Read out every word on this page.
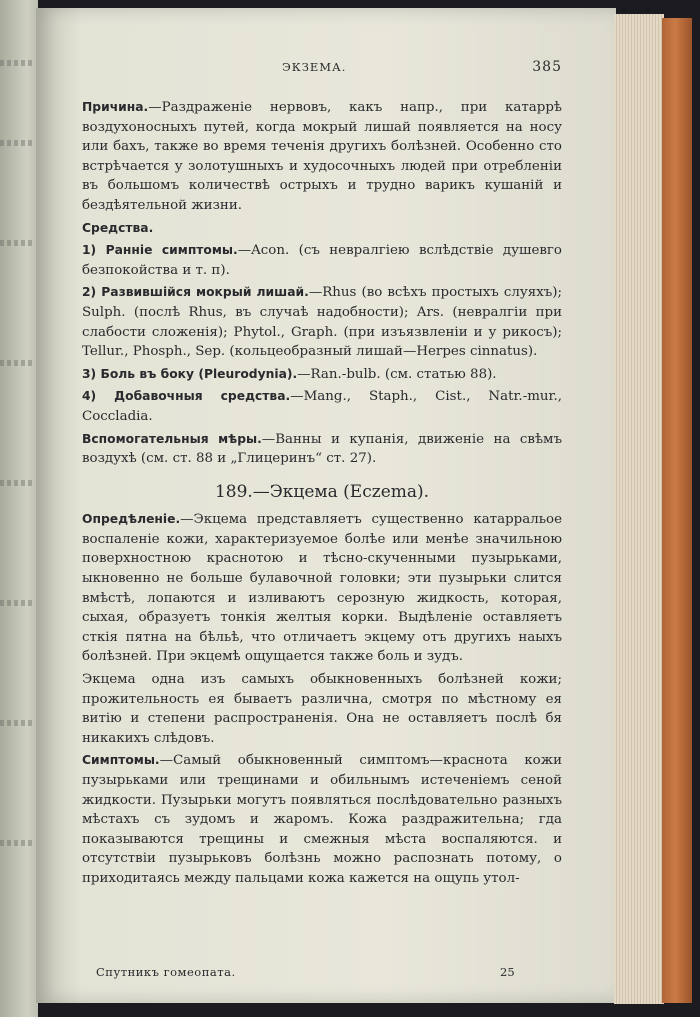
ЭКЗЕМА.	385

Причина.—Раздраженіе нервовъ, какъ напр., при катаррѣ воздухоносныхъ путей, когда мокрый лишай появляется на носу или бахъ, также во время теченія другихъ болѣзней. Особенно сто встрѣчается у золотушныхъ и худосочныхъ людей при отребленіи въ большомъ количествѣ острыхъ и трудно варикъ кушаній и бездѣятельной жизни.

Средства.

1) Ранніе симптомы.—Acon. (съ невралгіею вслѣдствіе душевго безпокойства и т. п).

2) Развившійся мокрый лишай.—Rhus (во всѣхъ простыхъ слуяхъ); Sulph. (послѣ Rhus, въ случаѣ надобности); Ars. (невралгіи при слабости сложенія); Phytol., Graph. (при изъязвленіи и у рикосъ); Tellur., Phosph., Sep. (кольцеобразный лишай—Herpes cinnatus).

3) Боль въ боку (Pleurodynia).—Ran.-bulb. (см. статью 88).

4) Добавочныя средства.—Mang., Staph., Cist., Natr.-mur., Coccladia.

Вспомогательныя мѣры.—Ванны и купанія, движеніе на свѣмъ воздухѣ (см. ст. 88 и „Глицеринъ“ ст. 27).

189.—Экцема (Eczema).

Опредѣленіе.—Экцема представляетъ существенно катарральое воспаленіе кожи, характеризуемое болѣе или менѣе значильною поверхностною краснотою и тѣсно-скученными пузырьками, ыкновенно не больше булавочной головки; эти пузырьки слится вмѣстѣ, лопаются и изливаютъ серозную жидкость, которая, сыхая, образуетъ тонкія желтыя корки. Выдѣленіе оставляетъ сткія пятна на бѣльѣ, что отличаетъ экцему отъ другихъ наыхъ болѣзней. При экцемѣ ощущается также боль и зудъ.

Экцема одна изъ самыхъ обыкновенныхъ болѣзней кожи; прожительность ея бываетъ различна, смотря по мѣстному ея витію и степени распространенія. Она не оставляетъ послѣ бя никакихъ слѣдовъ.

Симптомы.—Самый обыкновенный симптомъ—краснота кожи пузырьками или трещинами и обильнымъ истеченіемъ сеной жидкости. Пузырьки могутъ появляться послѣдовательно разныхъ мѣстахъ съ зудомъ и жаромъ. Кожа раздражительна; гда показываются трещины и смежныя мѣста воспаляются. и отсутствіи пузырьковъ болѣзнь можно распознать потому, о приходитаясь между пальцами кожа кажется на ощупь утол-

Спутникъ гомеопата.	25
